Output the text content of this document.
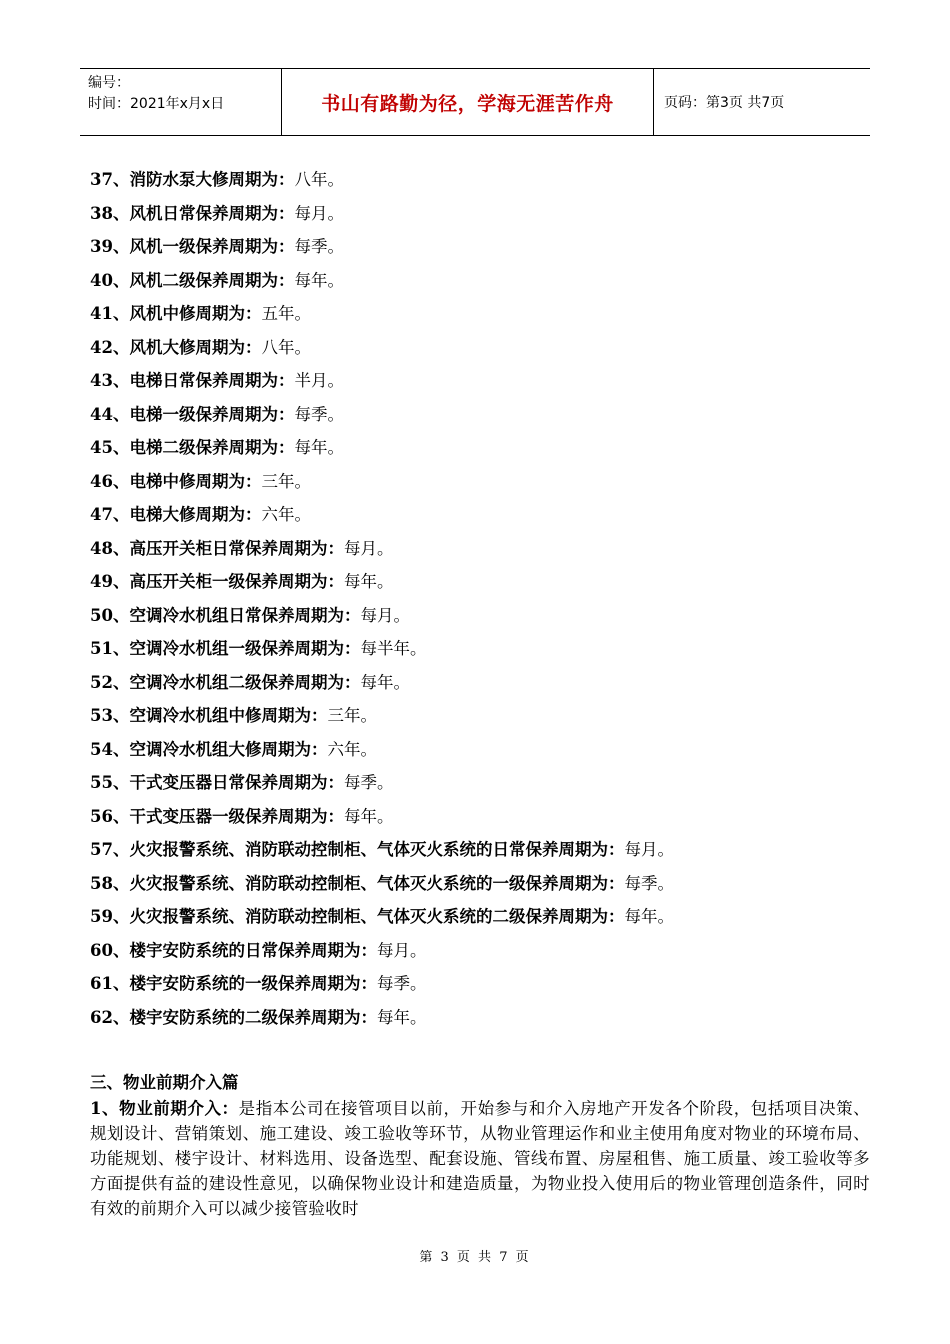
编号：
时间：2021年x月x日	书山有路勤为径，学海无涯苦作舟	页码：第3页 共7页
37、消防水泵大修周期为：八年。
38、风机日常保养周期为：每月。
39、风机一级保养周期为：每季。
40、风机二级保养周期为：每年。
41、风机中修周期为：五年。
42、风机大修周期为：八年。
43、电梯日常保养周期为：半月。
44、电梯一级保养周期为：每季。
45、电梯二级保养周期为：每年。
46、电梯中修周期为：三年。
47、电梯大修周期为：六年。
48、高压开关柜日常保养周期为：每月。
49、高压开关柜一级保养周期为：每年。
50、空调冷水机组日常保养周期为：每月。
51、空调冷水机组一级保养周期为：每半年。
52、空调冷水机组二级保养周期为：每年。
53、空调冷水机组中修周期为：三年。
54、空调冷水机组大修周期为：六年。
55、干式变压器日常保养周期为：每季。
56、干式变压器一级保养周期为：每年。
57、火灾报警系统、消防联动控制柜、气体灭火系统的日常保养周期为：每月。
58、火灾报警系统、消防联动控制柜、气体灭火系统的一级保养周期为：每季。
59、火灾报警系统、消防联动控制柜、气体灭火系统的二级保养周期为：每年。
60、楼宇安防系统的日常保养周期为：每月。
61、楼宇安防系统的一级保养周期为：每季。
62、楼宇安防系统的二级保养周期为：每年。
三、物业前期介入篇
1、物业前期介入：是指本公司在接管项目以前，开始参与和介入房地产开发各个阶段，包括项目决策、规划设计、营销策划、施工建设、竣工验收等环节，从物业管理运作和业主使用角度对物业的环境布局、功能规划、楼宇设计、材料选用、设备选型、配套设施、管线布置、房屋租售、施工质量、竣工验收等多方面提供有益的建设性意见，以确保物业设计和建造质量，为物业投入使用后的物业管理创造条件，同时有效的前期介入可以减少接管验收时
第 3 页 共 7 页
